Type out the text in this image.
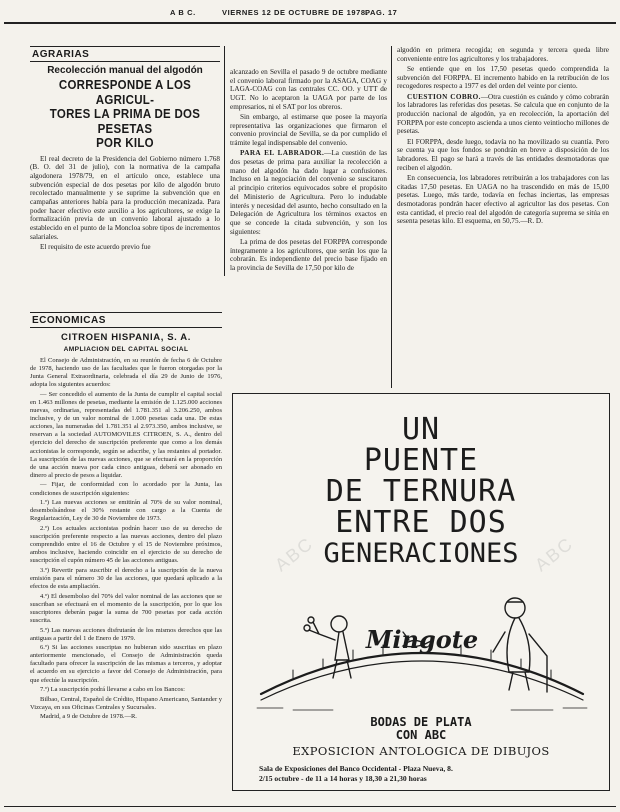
A B C.	VIERNES 12 DE OCTUBRE DE 1978.
PAG. 17
AGRARIAS
Recolección manual del algodón
CORRESPONDE A LOS AGRICUL-
TORES LA PRIMA DE DOS PESETAS
POR KILO

El real decreto de la Presidencia del Gobierno número 1.768 (B. O. del 31 de julio), con la normativa de la campaña algodonera 1978/79, en el artículo once, establece una subvención especial de dos pesetas por kilo de algodón bruto recolectado manualmente y se suprime la subvención que en campañas anteriores había para la producción mecanizada. Para poder hacer efectivo este auxilio a los agricultores, se exige la formalización previa de un convenio laboral ajustado a lo establecido en el punto de la Moncloa sobre tipos de incrementos salariales.

El requisito de este acuerdo previo fue

alcanzado en Sevilla el pasado 9 de octubre mediante el convenio laboral firmado por la ASAGA, COAG y LAGA-COAG con las centrales CC. OO. y UTT de UGT. No lo aceptaron la UAGA por parte de los empresarios, ni el SAT por los obreros.

Sin embargo, al estimarse que posee la mayoría representativa las organizaciones que firmaron el convenio provincial de Sevilla, se da por cumplido el trámite legal indispensable del convenio.

PARA EL LABRADOR.—La cuestión de las dos pesetas de prima para auxiliar la recolección a mano del algodón ha dado lugar a confusiones. Incluso en la negociación del convenio se suscitaron al principio criterios equivocados sobre el propósito del Ministerio de Agricultura. Pero lo indudable interés y necesidad del asunto, hecho consultado en la Delegación de Agricultura los términos exactos en que se concede la citada subvención, y son los siguientes:

La prima de dos pesetas del FORPPA corresponde íntegramente a los agricultores, que serán los que la cobrarán. Es independiente del precio base fijado en la provincia de Sevilla de 17,50 por kilo de

algodón en primera recogida; en segunda y tercera queda libre conveniente entre los agricultores y los trabajadores.

Se entiende que en los 17,50 pesetas quedo comprendida la subvención del FORPPA. El incremento habido en la retribución de los recogedores respecto a 1977 es del orden del veinte por ciento.

CUESTION COBRO.—Otra cuestión es cuándo y cómo cobrarán los labradores las referidas dos pesetas. Se calcula que en conjunto de la producción nacional de algodón, ya en recolección, la aportación del FORPPA por este concepto ascienda a unos ciento veintiocho millones de pesetas.

El FORPPA, desde luego, todavía no ha movilizado su cuantía. Pero se cuenta ya que los fondos se pondrán en breve a disposición de los labradores. El pago se hará a través de las entidades desmotadoras que reciben el algodón.

En consecuencia, los labradores retribuirán a los trabajadores con las citadas 17,50 pesetas. En UAGA no ha trascendido en más de 15,00 pesetas. Luego, más tarde, todavía en fechas inciertas, las empresas desmotadoras pondrán hacer efectivo al agricultor las dos pesetas. Con esta cantidad, el precio real del algodón de categoría suprema se sitúa en sesenta pesetas kilo. El esquema, en 50,75.—R. D.

ECONOMICAS
CITROEN HISPANIA, S. A.
AMPLIACION DEL CAPITAL SOCIAL

El Consejo de Administración, en su reunión de fecha 6 de Octubre de 1978, haciendo uso de las facultades que le fueron otorgadas por la Junta General Extraordinaria, celebrada el día 29 de Junio de 1976, adopta los siguientes acuerdos:

— Ser concedido el aumento de la Junta de cumplir el capital social en 1.463 millones de pesetas, mediante la emisión de 1.125.000 acciones nuevas, ordinarias, representadas del 1.781.351 al 3.206.250, ambos inclusive, y de un valor nominal de 1.000 pesetas cada una. De estas acciones, las numeradas del 1.781.351 al 2.973.350, ambos inclusive, se reservan a la sociedad AUTOMOVILES CITROEN, S. A., dentro del ejercicio del derecho de suscripción preferente que como a los demás accionistas le corresponde, según se adscribe, y las restantes al portador. La suscripción de las nuevas acciones, que se efectuará en la proporción de una acción nueva por cada cinco antiguas, deberá ser abonado en dinero al precio de pesos a liquidar.

— Fijar, de conformidad con lo acordado por la Junta, las condiciones de suscripción siguientes:

1.º) Las nuevas acciones se emitirán al 70% de su valor nominal, desembolsándose el 30% restante con cargo a la Cuenta de Regularización, Ley de 30 de Noviembre de 1973.

2.º) Los actuales accionistas podrán hacer uso de su derecho de suscripción preferente respecto a las nuevas acciones, dentro del plazo comprendido entre el 16 de Octubre y el 15 de Noviembre próximos, ambos inclusive, haciendo coincidir en el ejercicio de su derecho de suscripción el cupón número 45 de las acciones antiguas.

3.º) Revertir para suscribir el derecho a la suscripción de la nueva emisión para el número 30 de las acciones, que quedará aplicado a la efectos de esta ampliación.

4.º) El desembolso del 70% del valor nominal de las acciones que se suscriban se efectuará en el momento de la suscripción, por lo que los suscriptores deberán pagar la suma de 700 pesetas por cada acción suscrita.

5.º) Las nuevas acciones disfrutarán de los mismos derechos que las antiguas a partir del 1 de Enero de 1979.

6.º) Si las acciones suscriptas no hubieran sido suscritas en plazo anteriormente mencionado, el Consejo de Administración queda facultado para ofrecer la suscripción de las mismas a terceros, y adoptar el acuerdo en su ejercicio a favor del Consejo de Administración, para que efectúe la suscripción.

7.º) La suscripción podrá llevarse a cabo en los Bancos:

Bilbao, Central, Español de Crédito, Hispano Americano, Santander y Vizcaya, en sus Oficinas Centrales y Sucursales.

Madrid, a 9 de Octubre de 1978.—R.

UN
PUENTE
DE TERNURA
ENTRE DOS
GENERACIONES
Mingote
BODAS DE PLATA
CON ABC
EXPOSICION ANTOLOGICA DE DIBUJOS
Sala de Exposiciones del Banco Occidental - Plaza Nueva, 8.
2/15 octubre - de 11 a 14 horas y 18,30 a 21,30 horas
ABC	ABC
